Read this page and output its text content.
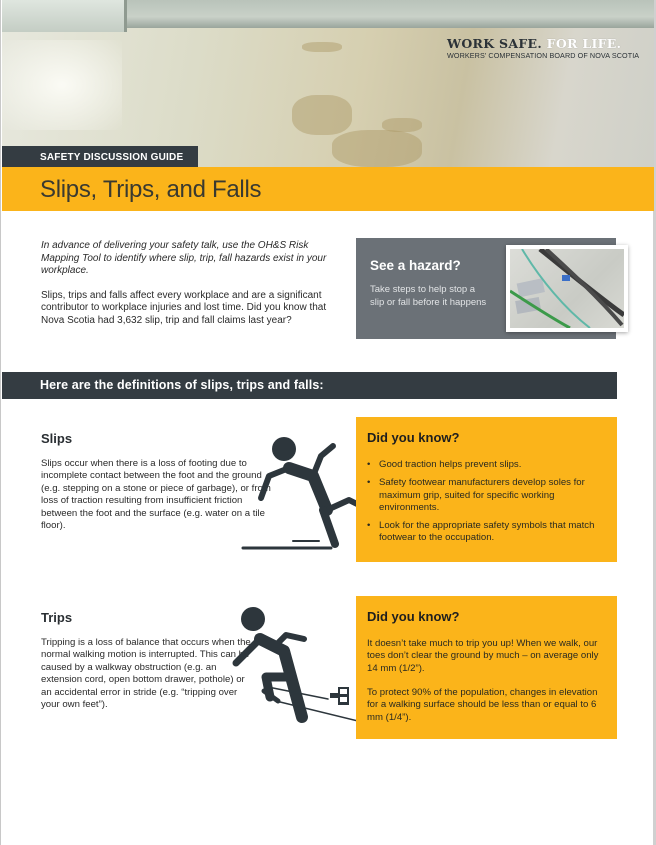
WORK SAFE. FOR LIFE.
WORKERS' COMPENSATION BOARD OF NOVA SCOTIA
SAFETY DISCUSSION GUIDE
Slips, Trips, and Falls

In advance of delivering your safety talk, use the OH&S Risk Mapping Tool to identify where slip, trip, fall hazards exist in your workplace.

Slips, trips and falls affect every workplace and are a significant contributor to workplace injuries and lost time. Did you know that Nova Scotia had 3,632 slip, trip and fall claims last year?

See a hazard?

Take steps to help stop a slip or fall before it happens

Here are the definitions of slips, trips and falls:
Slips
Slips occur when there is a loss of footing due to incomplete contact between the foot and the ground (e.g. stepping on a stone or piece of garbage), or from loss of traction resulting from insufficient friction between the foot and the surface (e.g. water on a tile floor).
Did you know?
• Good traction helps prevent slips.
• Safety footwear manufacturers develop soles for maximum grip, suited for specific working environments.
• Look for the appropriate safety symbols that match footwear to the occupation.
Trips
Tripping is a loss of balance that occurs when the normal walking motion is interrupted. This can be caused by a walkway obstruction (e.g. an extension cord, open bottom drawer, pothole) or an accidental error in stride (e.g. “tripping over your own feet”).
Did you know?
It doesn’t take much to trip you up! When we walk, our toes don’t clear the ground by much – on average only 14 mm (1/2”).
To protect 90% of the population, changes in elevation for a walking surface should be less than or equal to 6 mm (1/4”).
